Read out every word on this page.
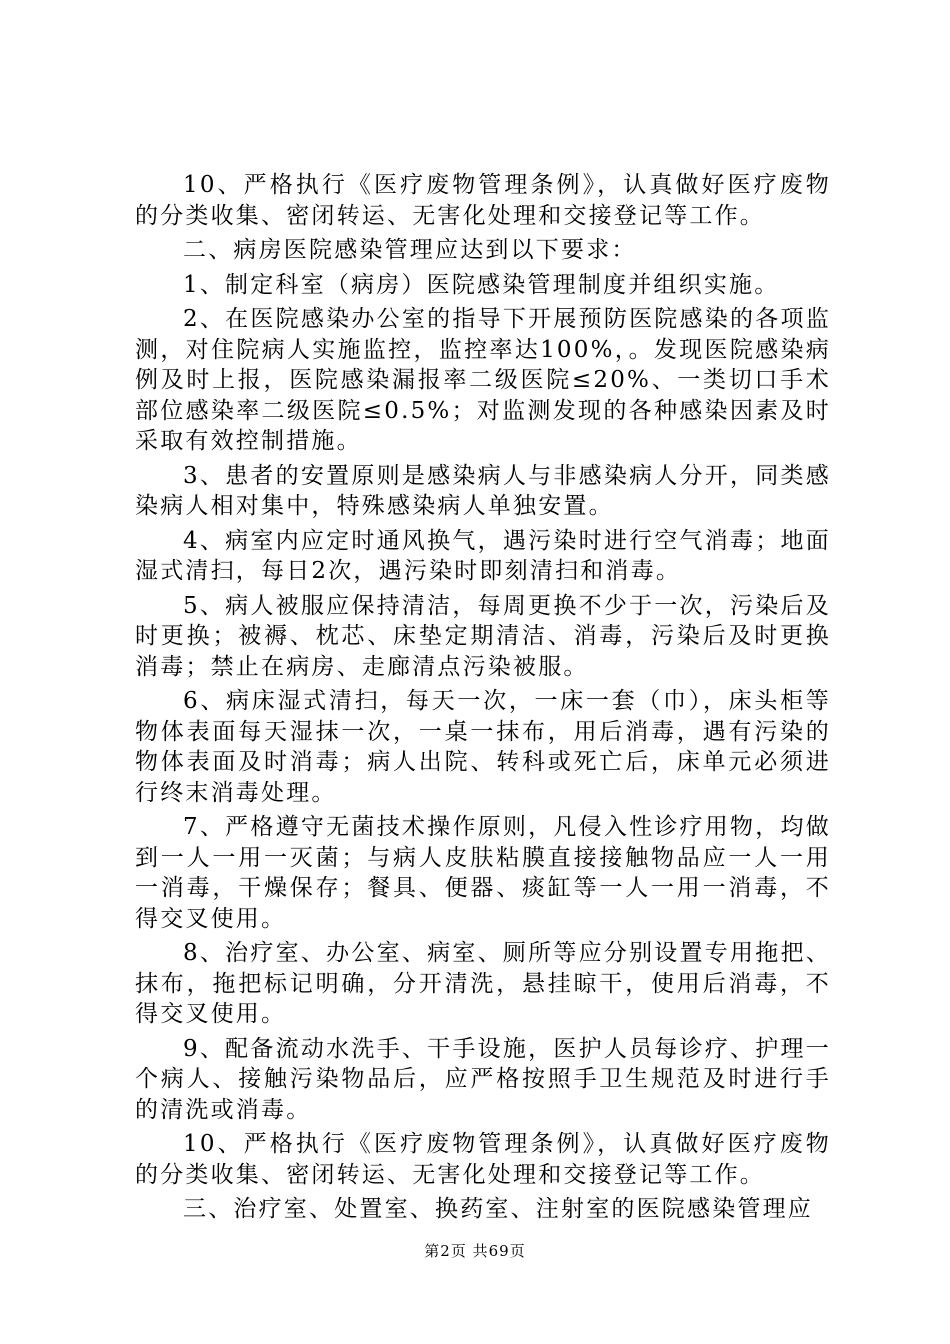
10、严格执行《医疗废物管理条例》，认真做好医疗废物的分类收集、密闭转运、无害化处理和交接登记等工作。

二、病房医院感染管理应达到以下要求：

1、制定科室（病房）医院感染管理制度并组织实施。

2、在医院感染办公室的指导下开展预防医院感染的各项监测，对住院病人实施监控，监控率达100%，。发现医院感染病例及时上报，医院感染漏报率二级医院≤20%、一类切口手术部位感染率二级医院≤0.5%；对监测发现的各种感染因素及时采取有效控制措施。

3、患者的安置原则是感染病人与非感染病人分开，同类感染病人相对集中，特殊感染病人单独安置。

4、病室内应定时通风换气，遇污染时进行空气消毒；地面湿式清扫，每日2次，遇污染时即刻清扫和消毒。

5、病人被服应保持清洁，每周更换不少于一次，污染后及时更换；被褥、枕芯、床垫定期清洁、消毒，污染后及时更换消毒；禁止在病房、走廊清点污染被服。

6、病床湿式清扫，每天一次，一床一套（巾），床头柜等物体表面每天湿抹一次，一桌一抹布，用后消毒，遇有污染的物体表面及时消毒；病人出院、转科或死亡后，床单元必须进行终末消毒处理。

7、严格遵守无菌技术操作原则，凡侵入性诊疗用物，均做到一人一用一灭菌；与病人皮肤粘膜直接接触物品应一人一用一消毒，干燥保存；餐具、便器、痰缸等一人一用一消毒，不得交叉使用。

8、治疗室、办公室、病室、厕所等应分别设置专用拖把、抹布，拖把标记明确，分开清洗，悬挂晾干，使用后消毒，不得交叉使用。

9、配备流动水洗手、干手设施，医护人员每诊疗、护理一个病人、接触污染物品后，应严格按照手卫生规范及时进行手的清洗或消毒。

10、严格执行《医疗废物管理条例》，认真做好医疗废物的分类收集、密闭转运、无害化处理和交接登记等工作。

三、治疗室、处置室、换药室、注射室的医院感染管理应

第2页 共69页
